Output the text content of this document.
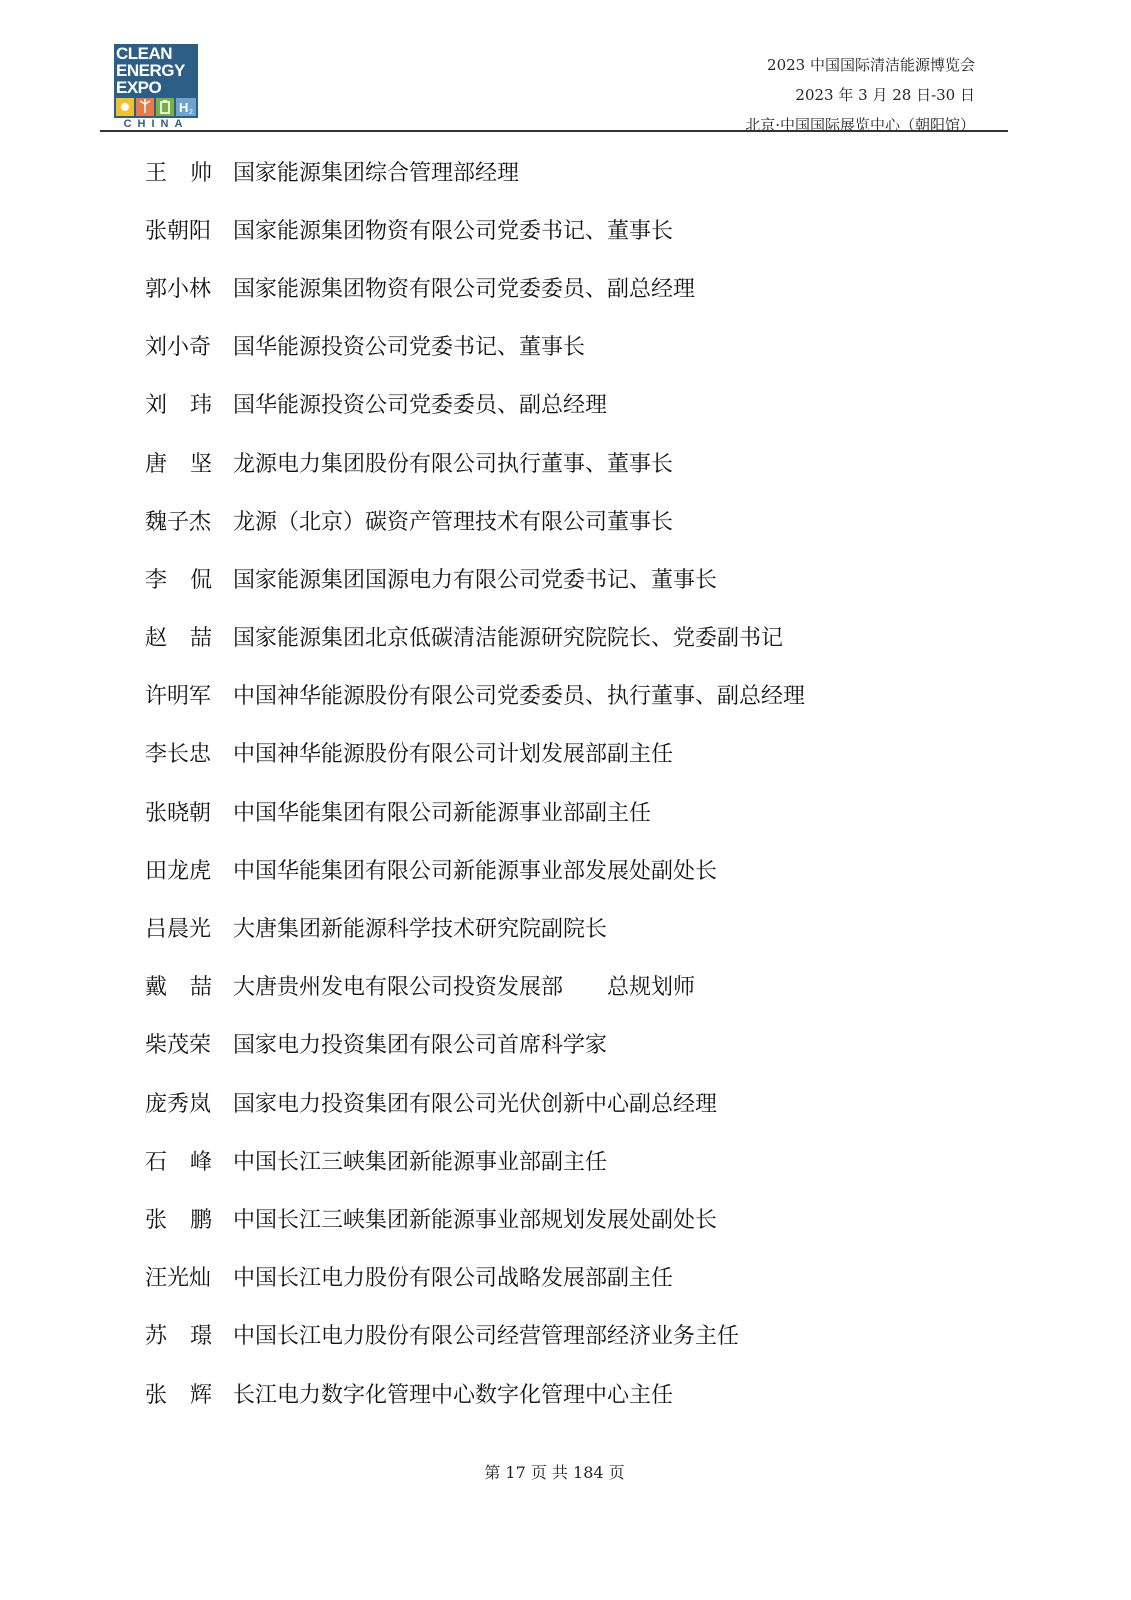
CLEAN
ENERGY
EXPO
H 2
CHINA
2023 中国国际清洁能源博览会
2023 年 3 月 28 日-30 日
北京·中国国际展览中心（朝阳馆）
王帅
国家能源集团综合管理部经理
张朝阳 国家能源集团物资有限公司党委书记、董事长
郭小林 国家能源集团物资有限公司党委委员、副总经理
刘小奇 国华能源投资公司党委书记、董事长
刘玮
国华能源投资公司党委委员、副总经理
唐坚
龙源电力集团股份有限公司执行董事、董事长
魏子杰 龙源（北京）碳资产管理技术有限公司董事长
李侃
国家能源集团国源电力有限公司党委书记、董事长
赵喆
国家能源集团北京低碳清洁能源研究院院长、党委副书记
许明军 中国神华能源股份有限公司党委委员、执行董事、副总经理
李长忠 中国神华能源股份有限公司计划发展部副主任
张晓朝 中国华能集团有限公司新能源事业部副主任
田龙虎 中国华能集团有限公司新能源事业部发展处副处长
吕晨光 大唐集团新能源科学技术研究院副院长
戴喆
大唐贵州发电有限公司投资发展部　　总规划师
柴茂荣 国家电力投资集团有限公司首席科学家
庞秀岚 国家电力投资集团有限公司光伏创新中心副总经理
石峰
中国长江三峡集团新能源事业部副主任
张鹏
中国长江三峡集团新能源事业部规划发展处副处长
汪光灿 中国长江电力股份有限公司战略发展部副主任
苏璟
中国长江电力股份有限公司经营管理部经济业务主任
张辉
长江电力数字化管理中心数字化管理中心主任
第 17 页 共 184 页
